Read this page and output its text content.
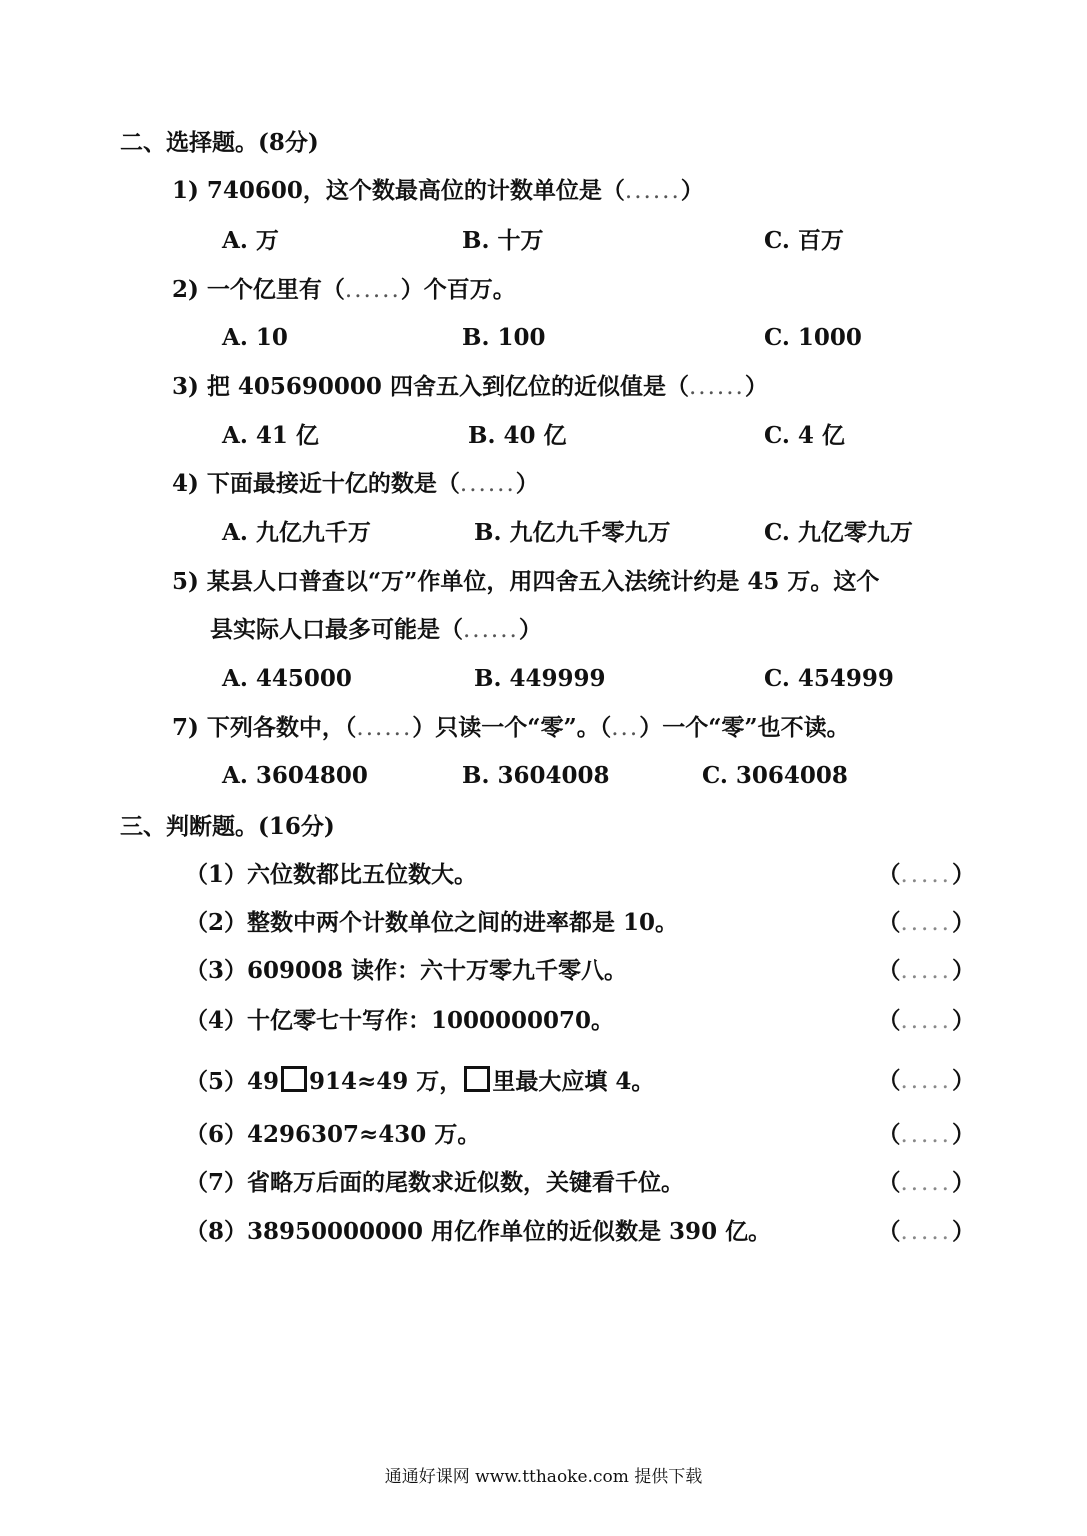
二、选择题。(8分)
1) 740600，这个数最高位的计数单位是（......）
A. 万	B. 十万	C. 百万
2) 一个亿里有（......）个百万。
A. 10	B. 100	C. 1000
3) 把 405690000 四舍五入到亿位的近似值是（......）
A. 41 亿	B. 40 亿	C. 4 亿
4) 下面最接近十亿的数是（......）
A. 九亿九千万	B. 九亿九千零九万	C. 九亿零九万
5) 某县人口普查以“万”作单位，用四舍五入法统计约是 45 万。这个
县实际人口最多可能是（......）
A. 445000	B. 449999	C. 454999
7) 下列各数中，（......）只读一个“零”。（...）一个“零”也不读。
A. 3604800	B. 3604008	C. 3064008
三、判断题。(16分)
（1）六位数都比五位数大。	（.....）
（2）整数中两个计数单位之间的进率都是 10。	（.....）
（3）609008 读作：六十万零九千零八。	（.....）
（4）十亿零七十写作：1000000070。	（.....）
（5）49 914≈49 万， 里最大应填 4。	（.....）
（6）4296307≈430 万。	（.....）
（7）省略万后面的尾数求近似数，关键看千位。	（.....）
（8）38950000000 用亿作单位的近似数是 390 亿。	（.....）
通通好课网 www.tthaoke.com 提供下载
